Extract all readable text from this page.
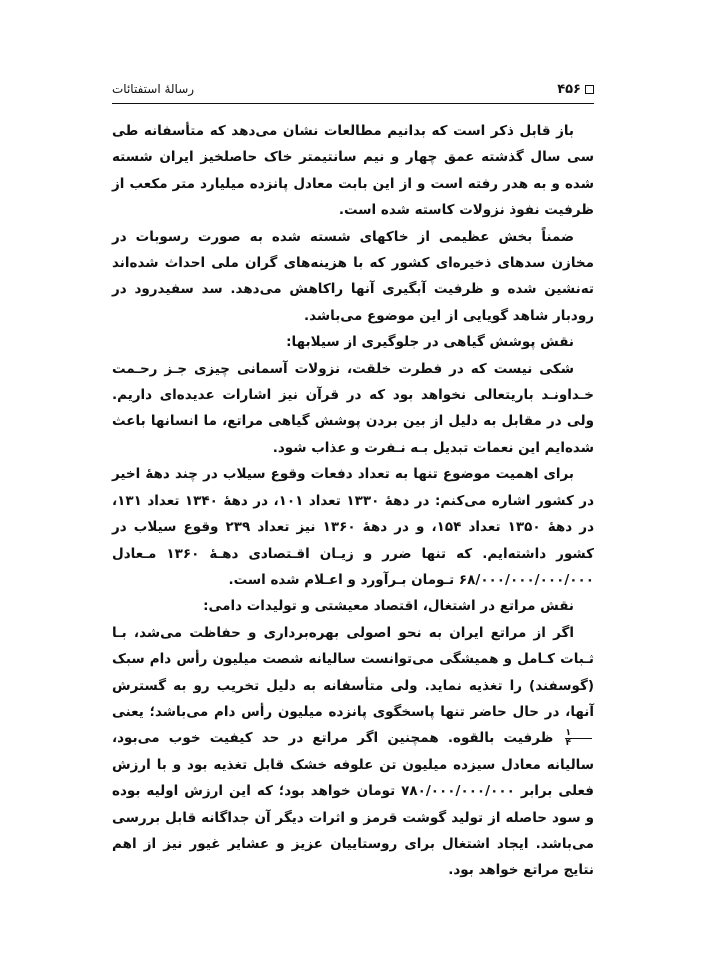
۴۵۶
رسالهٔ استفتائات

باز قابل ذکر است که بدانیم مطالعات نشان می‌دهد که متأسفانه طی سی سال گذشته عمق چهار و نیم سانتیمتر خاک حاصلخیز ایران شسته شده و به هدر رفته است و از این بابت معادل پانزده میلیارد متر مکعب از ظرفیت نفوذ نزولات کاسته شده است.

ضمناً بخش عظیمی از خاکهای شسته شده به صورت رسوبات در مخازن سدهای ذخیره‌ای کشور که با هزینه‌های گران ملی احداث شده‌اند ته‌نشین شده و ظرفیت آبگیری آنها راکاهش می‌دهد. سد سفیدرود در رودبار شاهد گویایی از این موضوع می‌باشد.

نقش پوشش گیاهی در جلوگیری از سیلابها:

شکی نیست که در فطرت خلقت، نزولات آسمانی چیزی جـز رحـمت خـداونـد باریتعالی نخواهد بود که در قرآن نیز اشارات عدیده‌ای داریم. ولی در مقابل به دلیل از بین بردن پوشش گیاهی مراتع، ما انسانها باعث شده‌ایم این نعمات تبدیل بـه نـفرت و عذاب شود.

برای اهمیت موضوع تنها به تعداد دفعات وقوع سیلاب در چند دههٔ اخیر در کشور اشاره می‌کنم: در دههٔ ۱۳۳۰ تعداد ۱۰۱، در دههٔ ۱۳۴۰ تعداد ۱۳۱، در دههٔ ۱۳۵۰ تعداد ۱۵۴، و در دههٔ ۱۳۶۰ نیز تعداد ۲۳۹ وقوع سیلاب در کشور داشته‌ایم. که تنها ضرر و زیـان اقـتصادی دهـهٔ ۱۳۶۰ مـعادل ۶۸/۰۰۰/۰۰۰/۰۰۰/۰۰۰ تـومان بـرآورد و اعـلام شده است.

نقش مراتع در اشتغال، اقتصاد معیشتی و تولیدات دامی:

اگر از مراتع ایران به نحو اصولی بهره‌برداری و حفاظت می‌شد، بـا ثـبات کـامل و همیشگی می‌توانست سالیانه شصت میلیون رأس دام سبک (گوسفند) را تغذیه نماید. ولی متأسفانه به دلیل تخریب رو به گسترش آنها، در حال حاضر تنها پاسخگوی پانزده میلیون رأس دام می‌باشد؛ یعنی
$\frac{۱}{۴}$
ظرفیت بالقوه. همچنین اگر مراتع در حد کیفیت خوب می‌بود، سالیانه معادل سیزده میلیون تن علوفه خشک قابل تغذیه بود و با ارزش فعلی برابر ۷۸۰/۰۰۰/۰۰۰/۰۰۰ تومان خواهد بود؛ که این ارزش اولیه بوده و سود حاصله از تولید گوشت قرمز و اثرات دیگر آن جداگانه قابل بررسی می‌باشد. ایجاد اشتغال برای روستاییان عزیز و عشایر غیور نیز از اهم نتایج مراتع خواهد بود.
